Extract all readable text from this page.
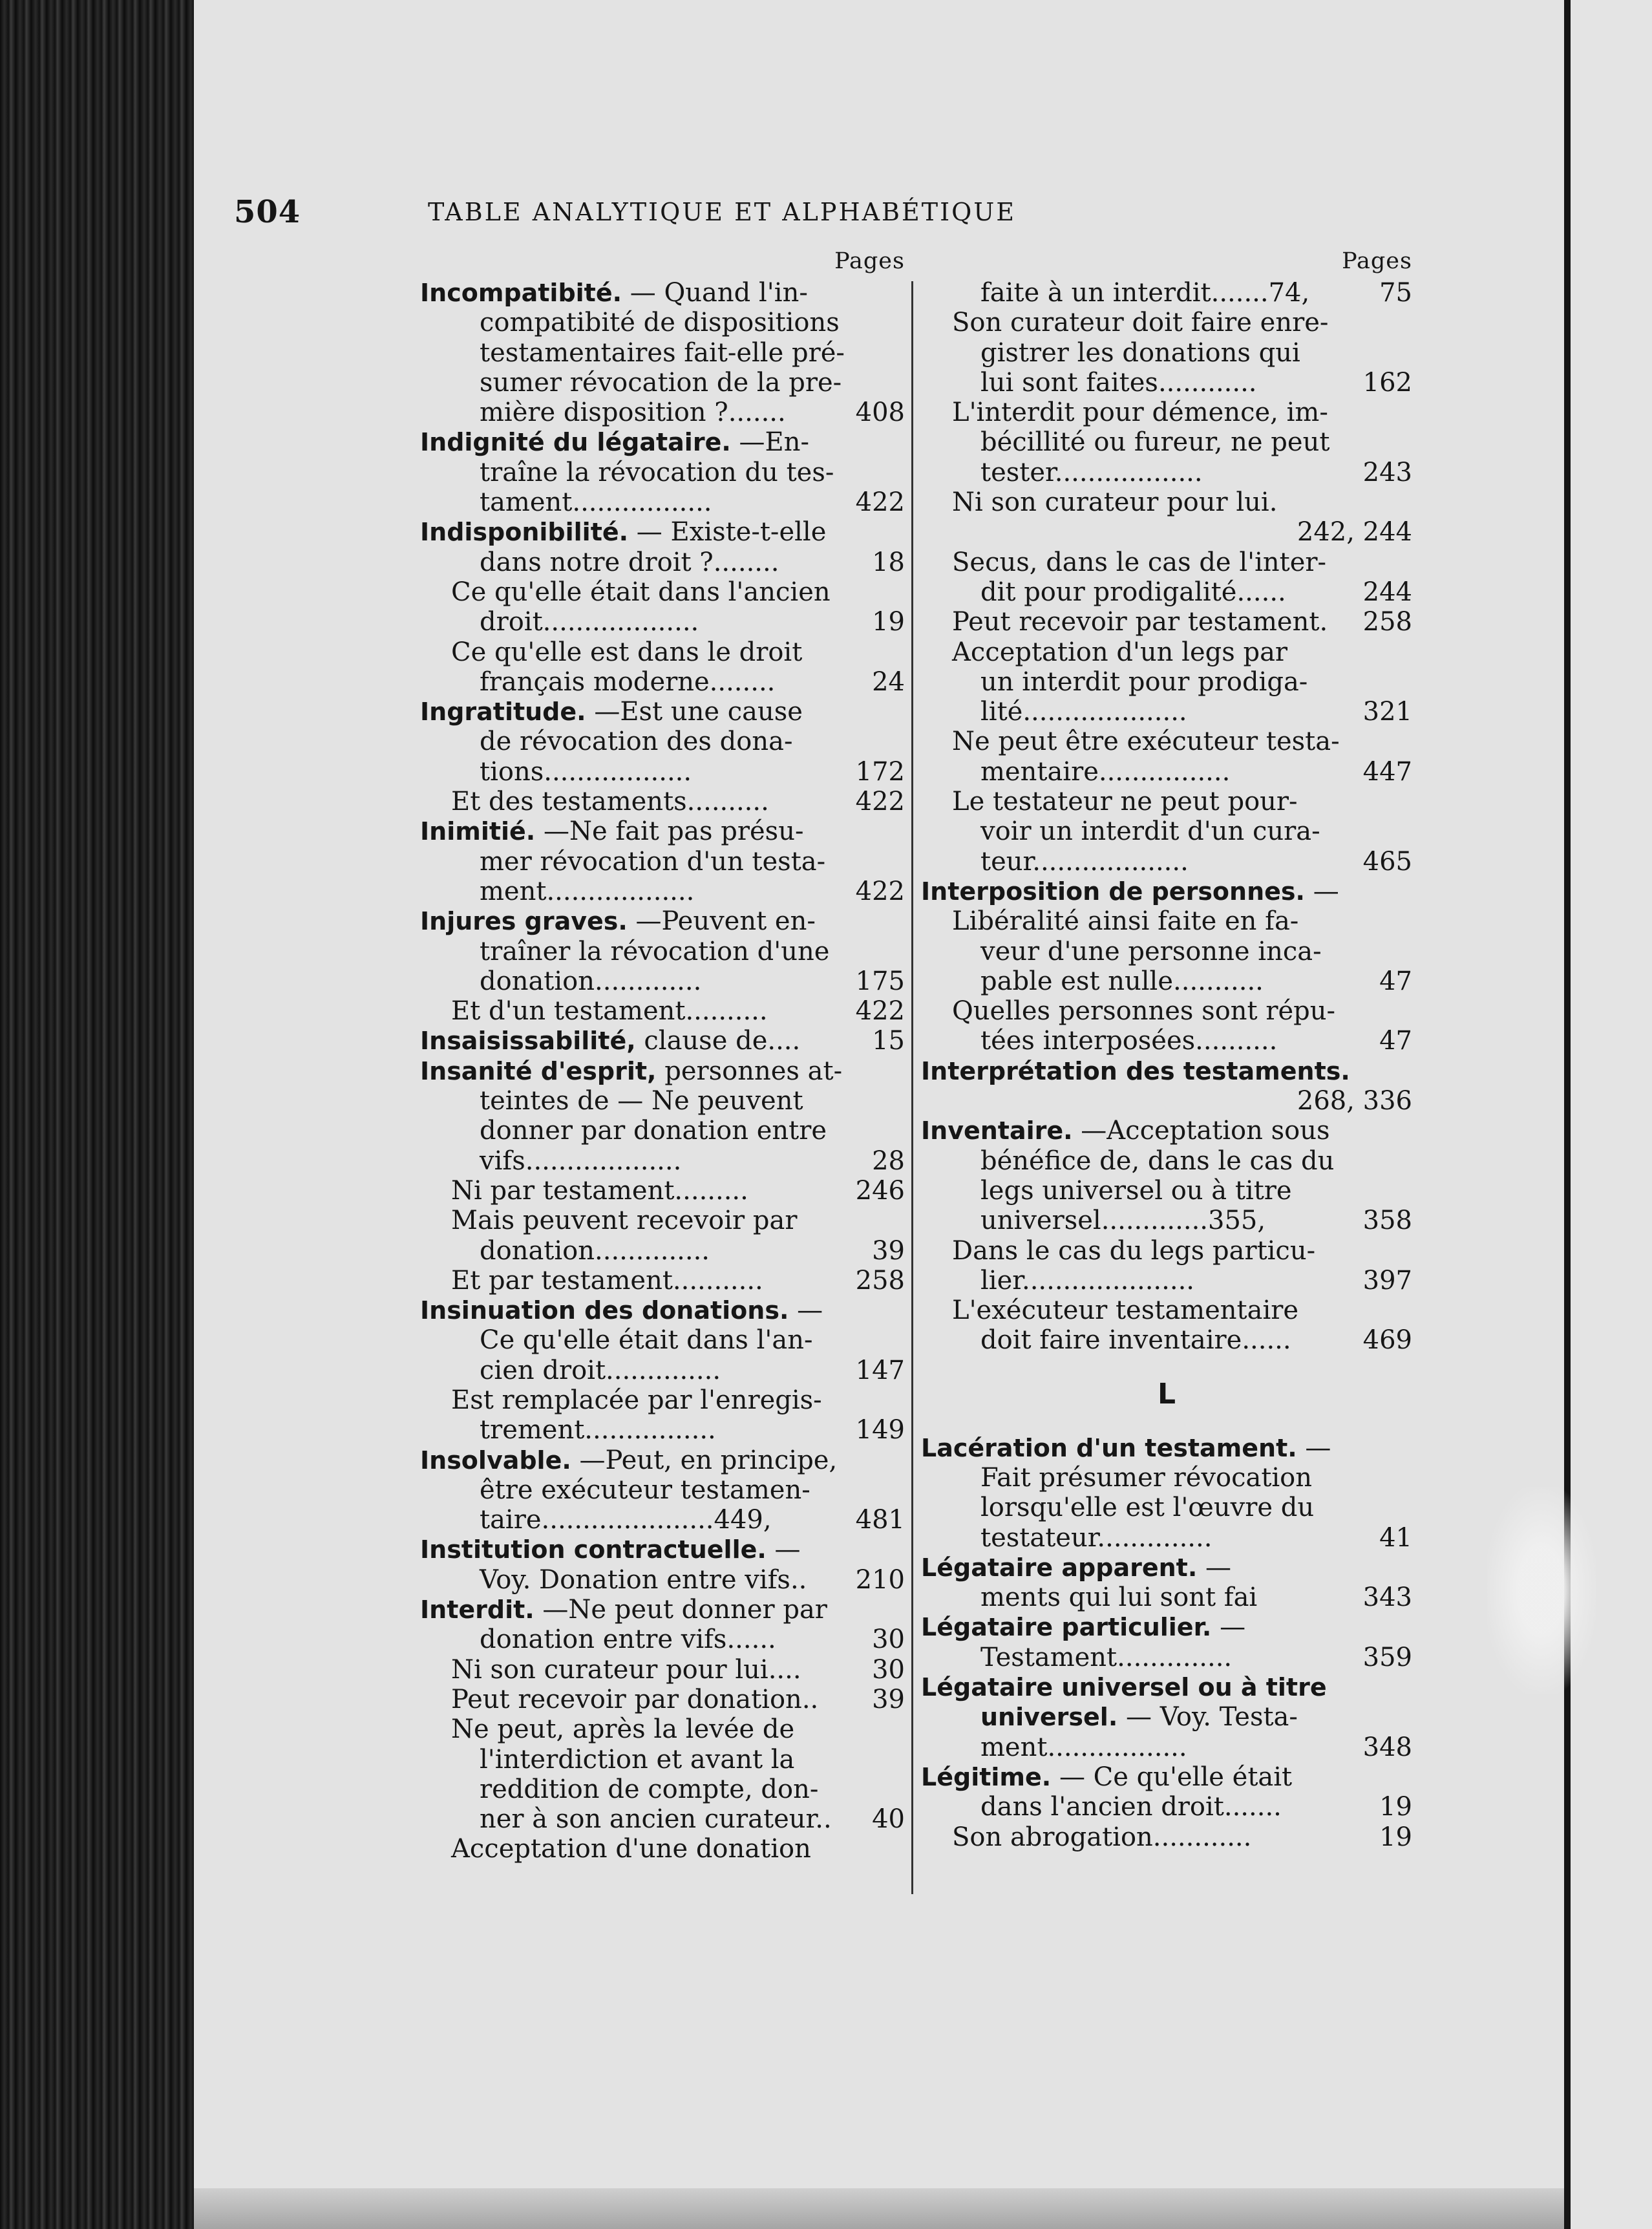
504	TABLE ANALYTIQUE ET ALPHABÉTIQUE
Pages
Incompatibité. — Quand l'in-
compatibité de dispositions
testamentaires fait-elle pré-
sumer révocation de la pre-
mière disposition ?.......	408
Indignité du légataire. —En-
traîne la révocation du tes-
tament.................	422
Indisponibilité. — Existe-t-elle
dans notre droit ?........	18
Ce qu'elle était dans l'ancien
droit...................	19
Ce qu'elle est dans le droit
français moderne........	24
Ingratitude. —Est une cause
de révocation des dona-
tions..................	172
Et des testaments..........	422
Inimitié. —Ne fait pas présu-
mer révocation d'un testa-
ment..................	422
Injures graves. —Peuvent en-
traîner la révocation d'une
donation.............	175
Et d'un testament..........	422
Insaisissabilité, clause de....	15
Insanité d'esprit, personnes at-
teintes de — Ne peuvent
donner par donation entre
vifs...................	28
Ni par testament.........	246
Mais peuvent recevoir par
donation..............	39
Et par testament...........	258
Insinuation des donations. —
Ce qu'elle était dans l'an-
cien droit..............	147
Est remplacée par l'enregis-
trement................	149
Insolvable. —Peut, en principe,
être exécuteur testamen-
taire.....................449,	481
Institution contractuelle. —
Voy. Donation entre vifs.. 210
Interdit. —Ne peut donner par
donation entre vifs......	30
Ni son curateur pour lui....	30
Peut recevoir par donation.. 39
Ne peut, après la levée de
l'interdiction et avant la
reddition de compte, don-
ner à son ancien curateur.. 40
Acceptation d'une donation
Pages
faite à un interdit.......74,	75
Son curateur doit faire enre-
gistrer les donations qui
lui sont faites............	162
L'interdit pour démence, im-
bécillité ou fureur, ne peut
tester..................	243
Ni son curateur pour lui.
242, 244
Secus, dans le cas de l'inter-
dit pour prodigalité......	244
Peut recevoir par testament. 258
Acceptation d'un legs par
un interdit pour prodiga-
lité....................	321
Ne peut être exécuteur testa-
mentaire................	447
Le testateur ne peut pour-
voir un interdit d'un cura-
teur...................	465
Interposition de personnes. —
Libéralité ainsi faite en fa-
veur d'une personne inca-
pable est nulle...........	47
Quelles personnes sont répu-
tées interposées..........	47
Interprétation des testaments.
268, 336
Inventaire. —Acceptation sous
bénéfice de, dans le cas du
legs universel ou à titre
universel.............355,	358
Dans le cas du legs particu-
lier.....................	397
L'exécuteur testamentaire
doit faire inventaire......	469
L
Lacération d'un testament. —
Fait présumer révocation
lorsqu'elle est l'œuvre du
testateur..............	41
Légataire apparent. —
ments qui lui sont fai	343
Légataire particulier. —
Testament..............	359
Légataire universel ou à titre
universel. — Voy. Testa-
ment.................	348
Légitime. — Ce qu'elle était
dans l'ancien droit.......	19
Son abrogation............	19
